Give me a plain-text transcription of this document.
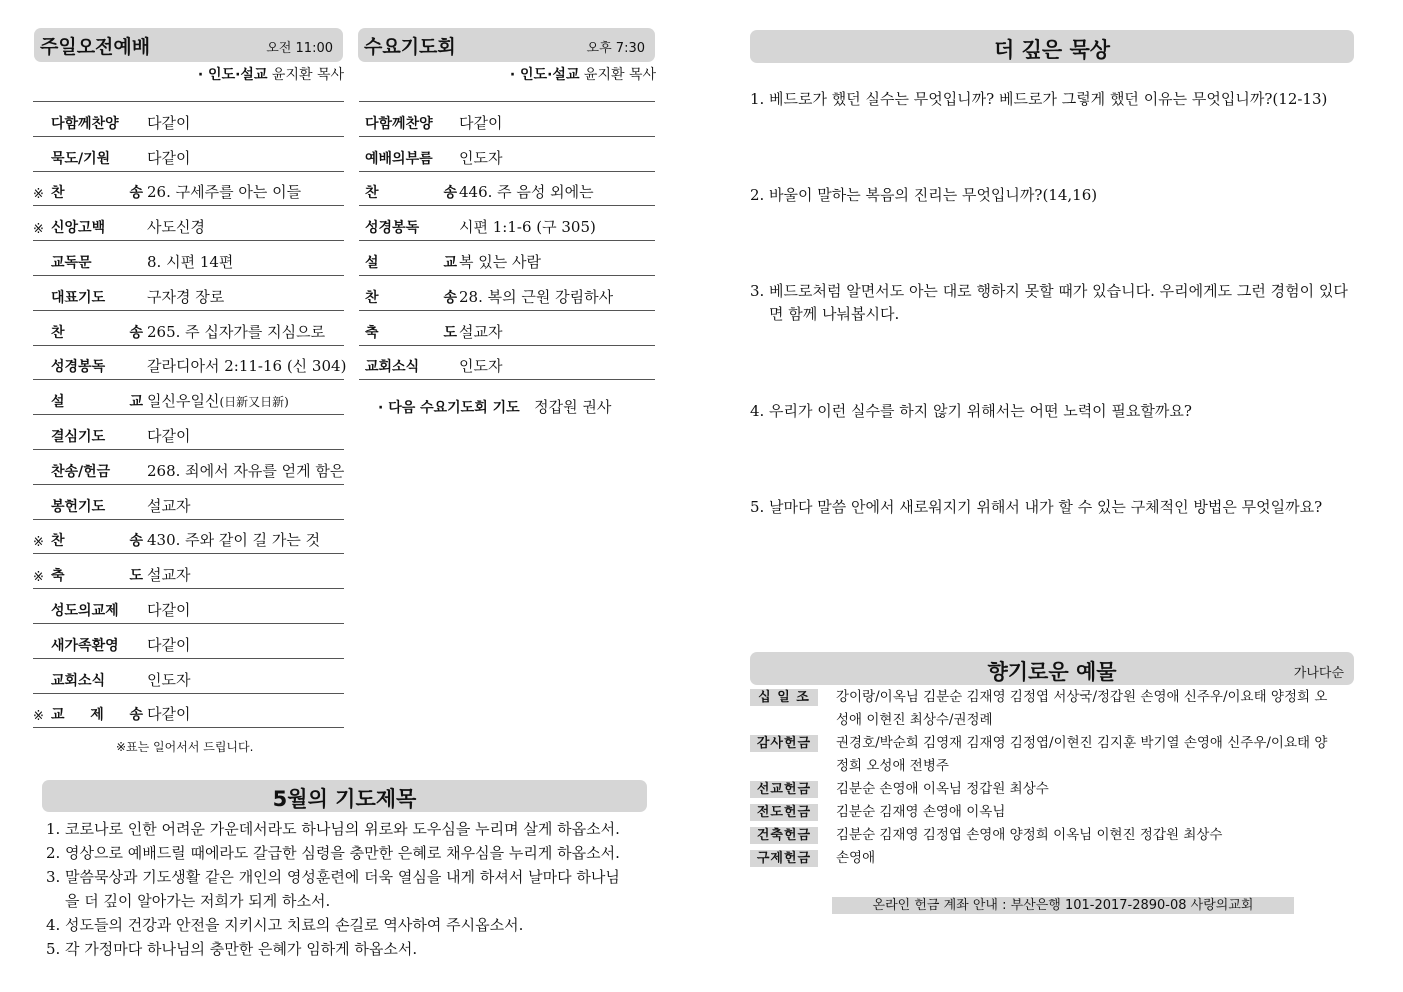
주일오전예배	오전 11:00
· 인도·설교 윤지환 목사
다함께찬양	다같이
묵도/기원	다같이
※ 찬 송 26. 구세주를 아는 이들
※ 신앙고백	사도신경
교독문	8. 시편 14편
대표기도	구자경 장로
찬 송 265. 주 십자가를 지심으로
성경봉독	갈라디아서 2:11-16 (신 304)
설 교 일신우일신(日新又日新)
결심기도	다같이
찬송/헌금	268. 죄에서 자유를 얻게 함은
봉헌기도	설교자
※ 찬 송 430. 주와 같이 길 가는 것
※ 축 도 설교자
성도의교제	다같이
새가족환영	다같이
교회소식	인도자
※ 교 제 송 다같이
※표는 일어서서 드립니다.
수요기도회	오후 7:30
· 인도·설교 윤지환 목사
다함께찬양	다같이
예배의부름	인도자
찬 송 446. 주 음성 외에는
성경봉독	시편 1:1-6 (구 305)
설 교 복 있는 사람
찬 송 28. 복의 근원 강림하사
축 도 설교자
교회소식	인도자
· 다음 수요기도회 기도 정갑원 권사
5월의 기도제목
1. 코로나로 인한 어려운 가운데서라도 하나님의 위로와 도우심을 누리며 살게 하옵소서.
2. 영상으로 예배드릴 때에라도 갈급한 심령을 충만한 은혜로 채우심을 누리게 하옵소서.
3. 말씀묵상과 기도생활 같은 개인의 영성훈련에 더욱 열심을 내게 하셔서 날마다 하나님을 더 깊이 알아가는 저희가 되게 하소서.
4. 성도들의 건강과 안전을 지키시고 치료의 손길로 역사하여 주시옵소서.
5. 각 가정마다 하나님의 충만한 은혜가 임하게 하옵소서.
더 깊은 묵상
1. 베드로가 했던 실수는 무엇입니까? 베드로가 그렇게 했던 이유는 무엇입니까?(12-13)
2. 바울이 말하는 복음의 진리는 무엇입니까?(14,16)
3. 베드로처럼 알면서도 아는 대로 행하지 못할 때가 있습니다. 우리에게도 그런 경험이 있다면 함께 나눠봅시다.
4. 우리가 이런 실수를 하지 않기 위해서는 어떤 노력이 필요할까요?
5. 날마다 말씀 안에서 새로워지기 위해서 내가 할 수 있는 구체적인 방법은 무엇일까요?
향기로운 예물	가나다순
십 일 조	강이랑/이옥님 김분순 김재영 김정엽 서상국/정갑원 손영애 신주우/이요태 양정희 오성애 이현진 최상수/권정례
감사헌금	권경호/박순희 김영재 김재영 김정엽/이현진 김지훈 박기열 손영애 신주우/이요태 양정희 오성애 전병주
선교헌금	김분순 손영애 이옥님 정갑원 최상수
전도헌금	김분순 김재영 손영애 이옥님
건축헌금	김분순 김재영 김정엽 손영애 양정희 이옥님 이현진 정갑원 최상수
구제헌금	손영애
온라인 헌금 계좌 안내 : 부산은행 101-2017-2890-08 사랑의교회
